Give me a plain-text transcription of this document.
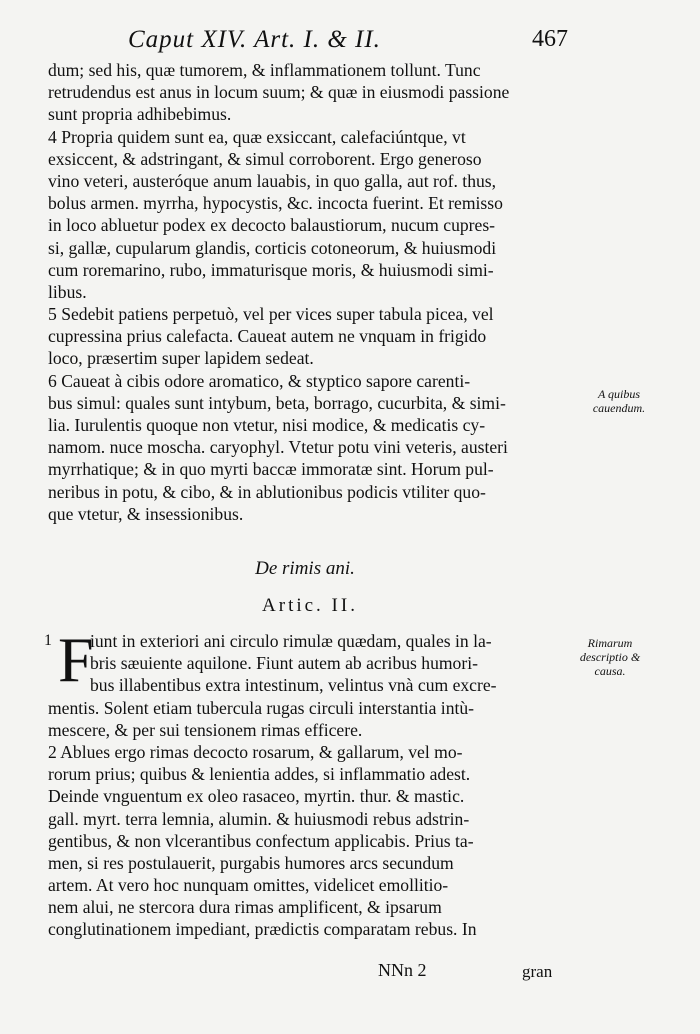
Caput XIV. Art. I. & II.	467
dum; sed his, quæ tumorem, & inflammationem tollunt. Tunc
retrudendus est anus in locum suum; & quæ in eiusmodi passione
sunt propria adhibebimus.
4 Propria quidem sunt ea, quæ exsiccant, calefaciúntque, vt
exsiccent, & adstringant, & simul corroborent. Ergo generoso
vino veteri, austeróque anum lauabis, in quo galla, aut rof. thus,
bolus armen. myrrha, hypocystis, &c. incocta fuerint. Et remisso
in loco abluetur podex ex decocto balaustiorum, nucum cupres-
si, gallæ, cupularum glandis, corticis cotoneorum, & huiusmodi
cum roremarino, rubo, immaturisque moris, & huiusmodi simi-
libus.
5 Sedebit patiens perpetuò, vel per vices super tabula picea, vel
cupressina prius calefacta. Caueat autem ne vnquam in frigido
loco, præsertim super lapidem sedeat.
6 Caueat à cibis odore aromatico, & styptico sapore carenti-
bus simul: quales sunt intybum, beta, borrago, cucurbita, & simi-
lia. Iurulentis quoque non vtetur, nisi modice, & medicatis cy-
namom. nuce moscha. caryophyl. Vtetur potu vini veteris, austeri
myrrhatique; & in quo myrti baccæ immoratæ sint. Horum pul-
neribus in potu, & cibo, & in ablutionibus podicis vtiliter quo-
que vtetur, & insessionibus.
A quibus
cauendum.
De rimis ani.
Artic. II.
1 F
iunt in exteriori ani circulo rimulæ quædam, quales in la-
bris sæuiente aquilone. Fiunt autem ab acribus humori-
bus illabentibus extra intestinum, velintus vnà cum excre-
mentis. Solent etiam tubercula rugas circuli interstantia intù-
mescere, & per sui tensionem rimas efficere.
2 Ablues ergo rimas decocto rosarum, & gallarum, vel mo-
rorum prius; quibus & lenientia addes, si inflammatio adest.
Deinde vnguentum ex oleo rasaceo, myrtin. thur. & mastic.
gall. myrt. terra lemnia, alumin. & huiusmodi rebus adstrin-
gentibus, & non vlcerantibus confectum applicabis. Prius ta-
men, si res postulauerit, purgabis humores arcs secundum
artem. At vero hoc nunquam omittes, videlicet emollitio-
nem alui, ne stercora dura rimas amplificent, & ipsarum
conglutinationem impediant, prædictis comparatam rebus. In
Rimarum
descriptio &
causa.
NNn 2	gran
